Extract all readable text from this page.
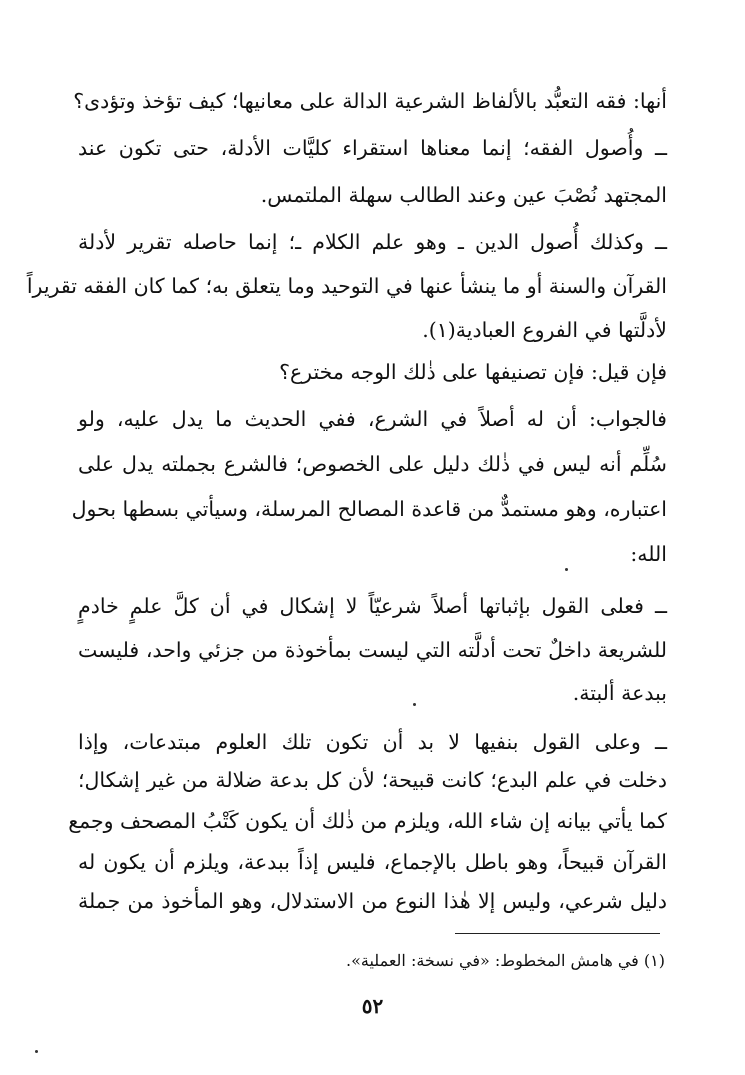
أنها: فقه التعبُّد بالألفاظ الشرعية الدالة على معانيها؛ كيف تؤخذ وتؤدى؟
ــ وأُصول الفقه؛ إنما معناها استقراء كليَّات الأدلة، حتى تكون عند
المجتهد نُصْبَ عين وعند الطالب سهلة الملتمس.
ــ وكذلك أُصول الدين ـ وهو علم الكلام ـ؛ إنما حاصله تقرير لأدلة
القرآن والسنة أو ما ينشأ عنها في التوحيد وما يتعلق به؛ كما كان الفقه تقريراً
لأدلَّتها في الفروع العبادية(١).
فإن قيل: فإن تصنيفها على ذٰلك الوجه مخترع؟
فالجواب: أن له أصلاً في الشرع، ففي الحديث ما يدل عليه، ولو
سُلِّم أنه ليس في ذٰلك دليل على الخصوص؛ فالشرع بجملته يدل على
اعتباره، وهو مستمدٌّ من قاعدة المصالح المرسلة، وسيأتي بسطها بحول
الله:
ــ فعلى القول بإثباتها أصلاً شرعيّاً لا إشكال في أن كلَّ علمٍ خادمٍ
للشريعة داخلٌ تحت أدلَّته التي ليست بمأخوذة من جزئي واحد، فليست
ببدعة ألبتة.
ــ وعلى القول بنفيها لا بد أن تكون تلك العلوم مبتدعات، وإذا
دخلت في علم البدع؛ كانت قبيحة؛ لأن كل بدعة ضلالة من غير إشكال؛
كما يأتي بيانه إن شاء الله، ويلزم من ذٰلك أن يكون كَتْبُ المصحف وجمع
القرآن قبيحاً، وهو باطل بالإجماع، فليس إذاً ببدعة، ويلزم أن يكون له
دليل شرعي، وليس إلا هٰذا النوع من الاستدلال، وهو المأخوذ من جملة
(١) في هامش المخطوط: «في نسخة: العملية».
٥٢
